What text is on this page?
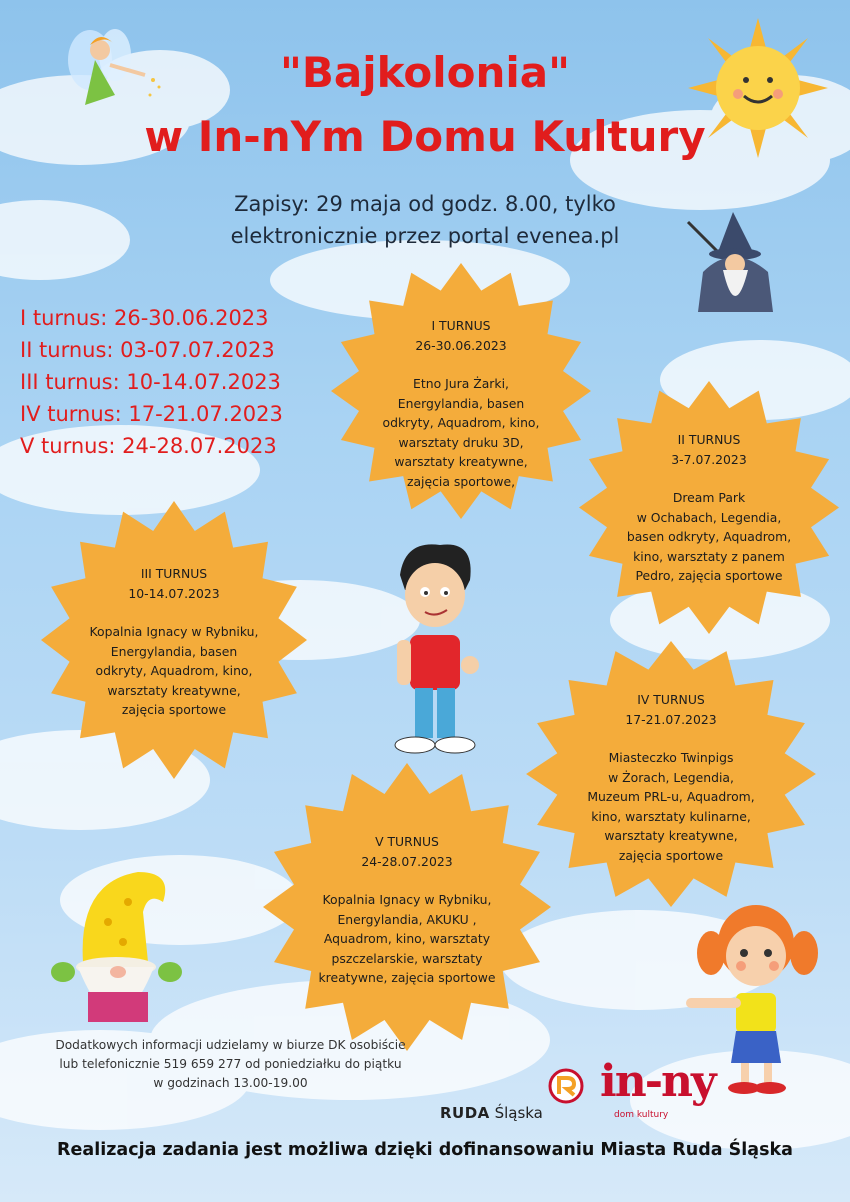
"Bajkolonia"
w In-nYm Domu Kultury
Zapisy: 29 maja od godz. 8.00, tylko
elektronicznie przez portal evenea.pl
I turnus: 26-30.06.2023
II turnus: 03-07.07.2023
III turnus: 10-14.07.2023
IV turnus: 17-21.07.2023
V turnus: 24-28.07.2023
I TURNUS
26-30.06.2023
Etno Jura Żarki,
Energylandia, basen
odkryty, Aquadrom, kino,
warsztaty druku 3D,
warsztaty kreatywne,
zajęcia sportowe,
II TURNUS
3-7.07.2023
Dream Park
w Ochabach, Legendia,
basen odkryty, Aquadrom,
kino, warsztaty z panem
Pedro, zajęcia sportowe
III TURNUS
10-14.07.2023
Kopalnia Ignacy w Rybniku,
Energylandia, basen
odkryty, Aquadrom, kino,
warsztaty kreatywne,
zajęcia sportowe
IV TURNUS
17-21.07.2023
Miasteczko Twinpigs
w Żorach, Legendia,
Muzeum PRL-u, Aquadrom,
kino, warsztaty kulinarne,
warsztaty kreatywne,
zajęcia sportowe
V TURNUS
24-28.07.2023
Kopalnia Ignacy w Rybniku,
Energylandia, AKUKU ,
Aquadrom, kino, warsztaty
pszczelarskie, warsztaty
kreatywne, zajęcia sportowe
Dodatkowych informacji udzielamy w biurze DK osobiście
lub telefonicznie 519 659 277 od poniedziałku do piątku
w godzinach 13.00-19.00
RUDA Śląska
in-ny
dom kultury
Realizacja zadania jest możliwa dzięki dofinansowaniu Miasta Ruda Śląska
